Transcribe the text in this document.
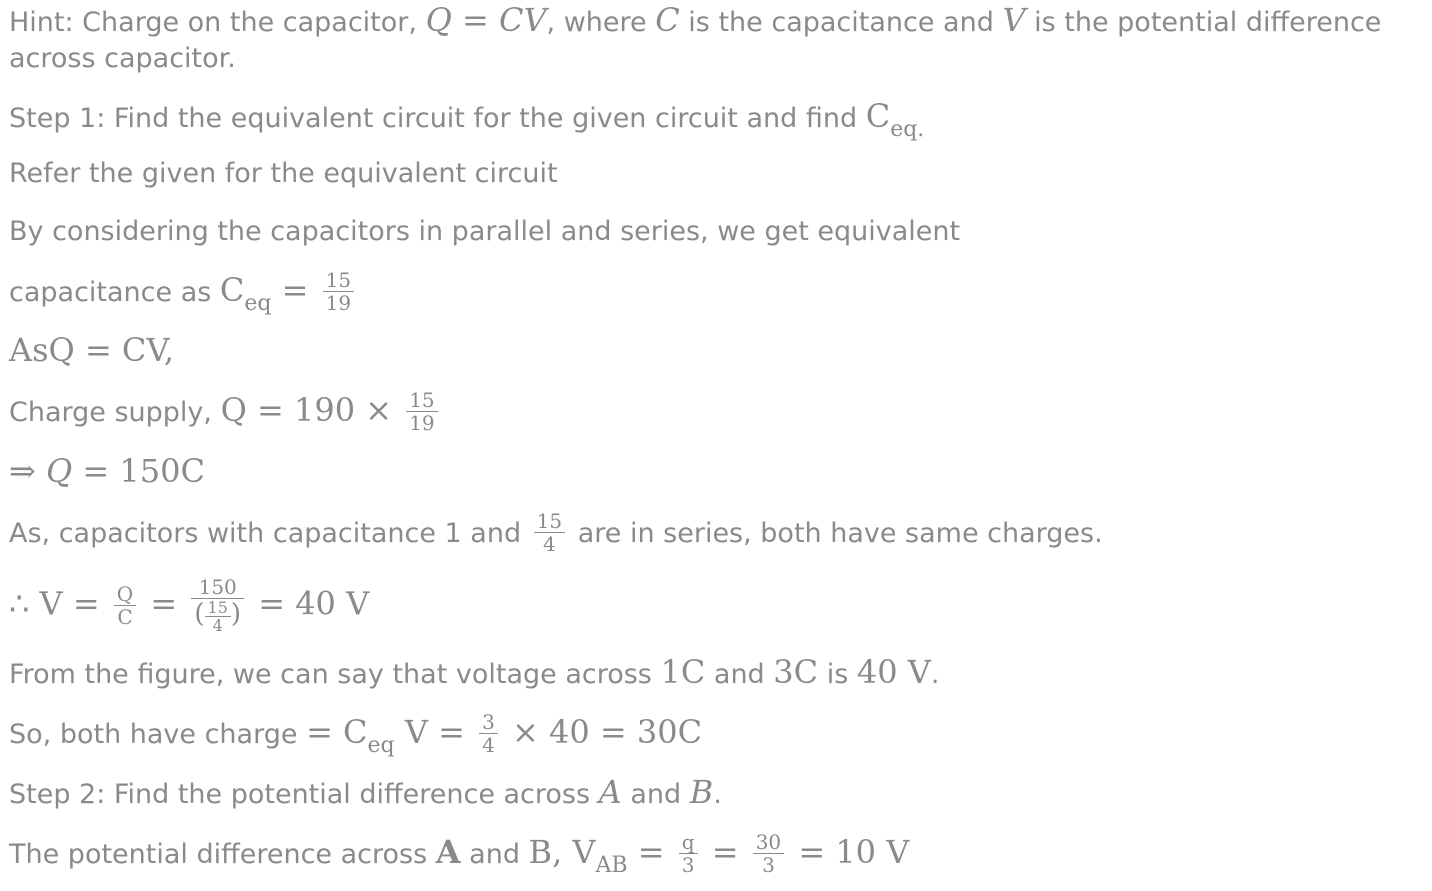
Hint: Charge on the capacitor, Q = CV, where C is the capacitance and V is the potential difference
across capacitor.
Step 1: Find the equivalent circuit for the given circuit and find $C_{eq.}$
Refer the given for the equivalent circuit
By considering the capacitors in parallel and series, we get equivalent
capacitance as $C_{eq} = \frac{15}{19}$
AsQ = CV,
Charge supply, $Q = 190 \times \frac{15}{19}$
⇒ Q = 150C
As, capacitors with capacitance 1 and $\frac{15}{4}$ are in series, both have same charges.
∴ $V = \frac{Q}{C} = \frac{150}{( \frac{15}{4} )} = 40$ V
From the figure, we can say that voltage across 1C and 3C is 40 V.
So, both have charge = $C_{eq}$ $V = \frac{3}{4} \times 40 = 30C$
Step 2: Find the potential difference across A and B.
The potential difference across A and B, $V_{AB} = \frac{q}{3} = \frac{30}{3} = 10$ V
